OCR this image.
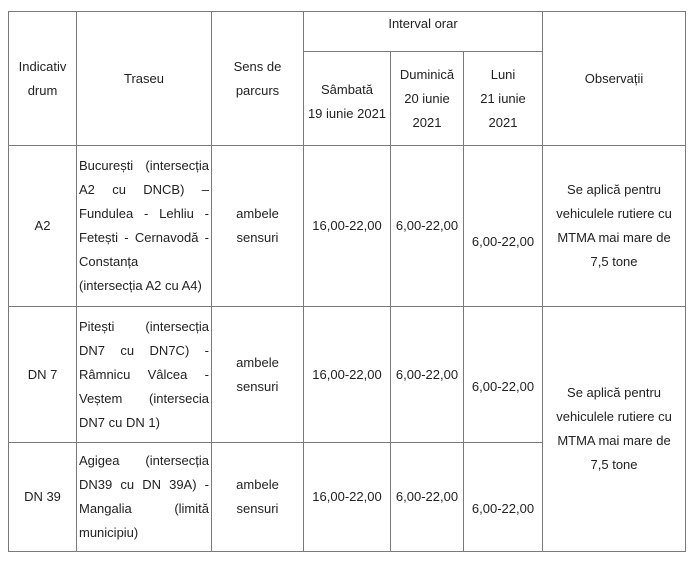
Indicativ
drum	Traseu	Sens de
parcurs	Interval orar			Observații

			Sâmbată
19 iunie 2021	Duminică
20 iunie
2021	Luni
21 iunie
2021	

A2	București (intersecția A2 cu DNCB) – Fundulea - Lehliu - Fetești - Cernavodă -
Constanța
(intersecția A2 cu A4)	ambele
sensuri	16,00-22,00	6,00-22,00	6,00-22,00	Se aplică pentru
vehiculele rutiere cu
MTMA mai mare de
7,5 tone

DN 7	Pitești (intersecția DN7 cu DN7C) - Râmnicu Vâlcea - Veștem (intersecia
DN7 cu DN 1)	ambele
sensuri	16,00-22,00	6,00-22,00	6,00-22,00	Se aplică pentru
vehiculele rutiere cu
MTMA mai mare de
7,5 tone

DN 39	Agigea (intersecția DN39 cu DN 39A) - Mangalia (limită
municipiu)	ambele
sensuri	16,00-22,00	6,00-22,00	6,00-22,00	
